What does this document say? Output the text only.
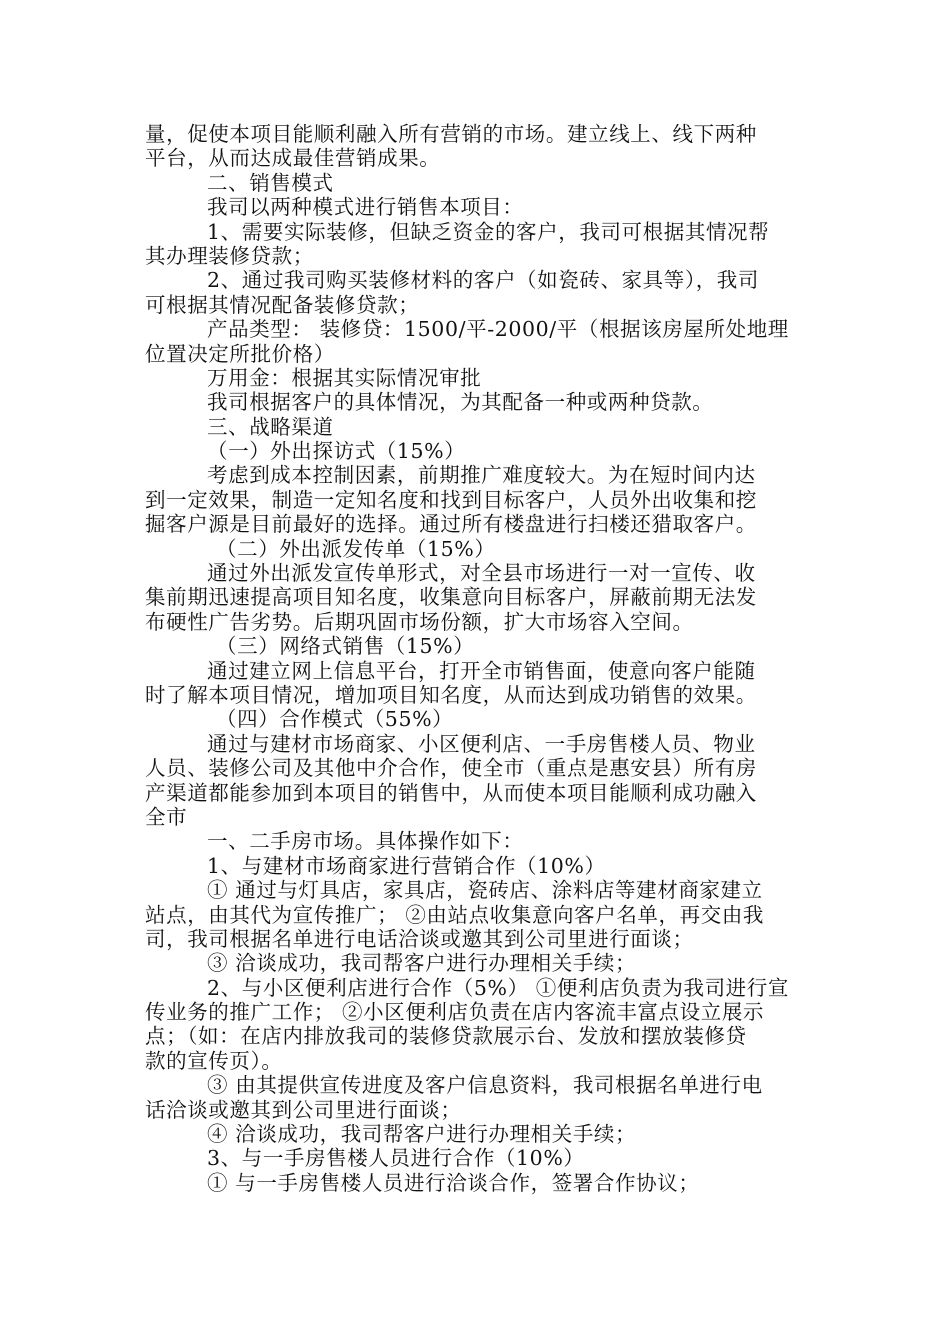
量，促使本项目能顺利融入所有营销的市场。建立线上、线下两种
平台，从而达成最佳营销成果。
二、销售模式
我司以两种模式进行销售本项目：
1、需要实际装修，但缺乏资金的客户，我司可根据其情况帮
其办理装修贷款；
2、通过我司购买装修材料的客户（如瓷砖、家具等），我司
可根据其情况配备装修贷款；
产品类型： 装修贷：1500/平-2000/平（根据该房屋所处地理
位置决定所批价格）
万用金：根据其实际情况审批
我司根据客户的具体情况，为其配备一种或两种贷款。
三、战略渠道
（一）外出探访式（15%）
考虑到成本控制因素，前期推广难度较大。为在短时间内达
到一定效果，制造一定知名度和找到目标客户，人员外出收集和挖
掘客户源是目前最好的选择。通过所有楼盘进行扫楼还猎取客户。
（二）外出派发传单（15%）
通过外出派发宣传单形式，对全县市场进行一对一宣传、收
集前期迅速提高项目知名度，收集意向目标客户，屏蔽前期无法发
布硬性广告劣势。后期巩固市场份额，扩大市场容入空间。
（三）网络式销售（15%）
通过建立网上信息平台，打开全市销售面，使意向客户能随
时了解本项目情况，增加项目知名度，从而达到成功销售的效果。
（四）合作模式（55%）
通过与建材市场商家、小区便利店、一手房售楼人员、物业
人员、装修公司及其他中介合作，使全市（重点是惠安县）所有房
产渠道都能参加到本项目的销售中，从而使本项目能顺利成功融入
全市
一、二手房市场。具体操作如下：
1、与建材市场商家进行营销合作（10%）
① 通过与灯具店，家具店，瓷砖店、涂料店等建材商家建立
站点，由其代为宣传推广； ②由站点收集意向客户名单，再交由我
司，我司根据名单进行电话洽谈或邀其到公司里进行面谈；
③ 洽谈成功，我司帮客户进行办理相关手续；
2、与小区便利店进行合作（5%） ①便利店负责为我司进行宣
传业务的推广工作； ②小区便利店负责在店内客流丰富点设立展示
点；（如：在店内排放我司的装修贷款展示台、发放和摆放装修贷
款的宣传页）。
③ 由其提供宣传进度及客户信息资料，我司根据名单进行电
话洽谈或邀其到公司里进行面谈；
④ 洽谈成功，我司帮客户进行办理相关手续；
3、与一手房售楼人员进行合作（10%）
① 与一手房售楼人员进行洽谈合作，签署合作协议；
